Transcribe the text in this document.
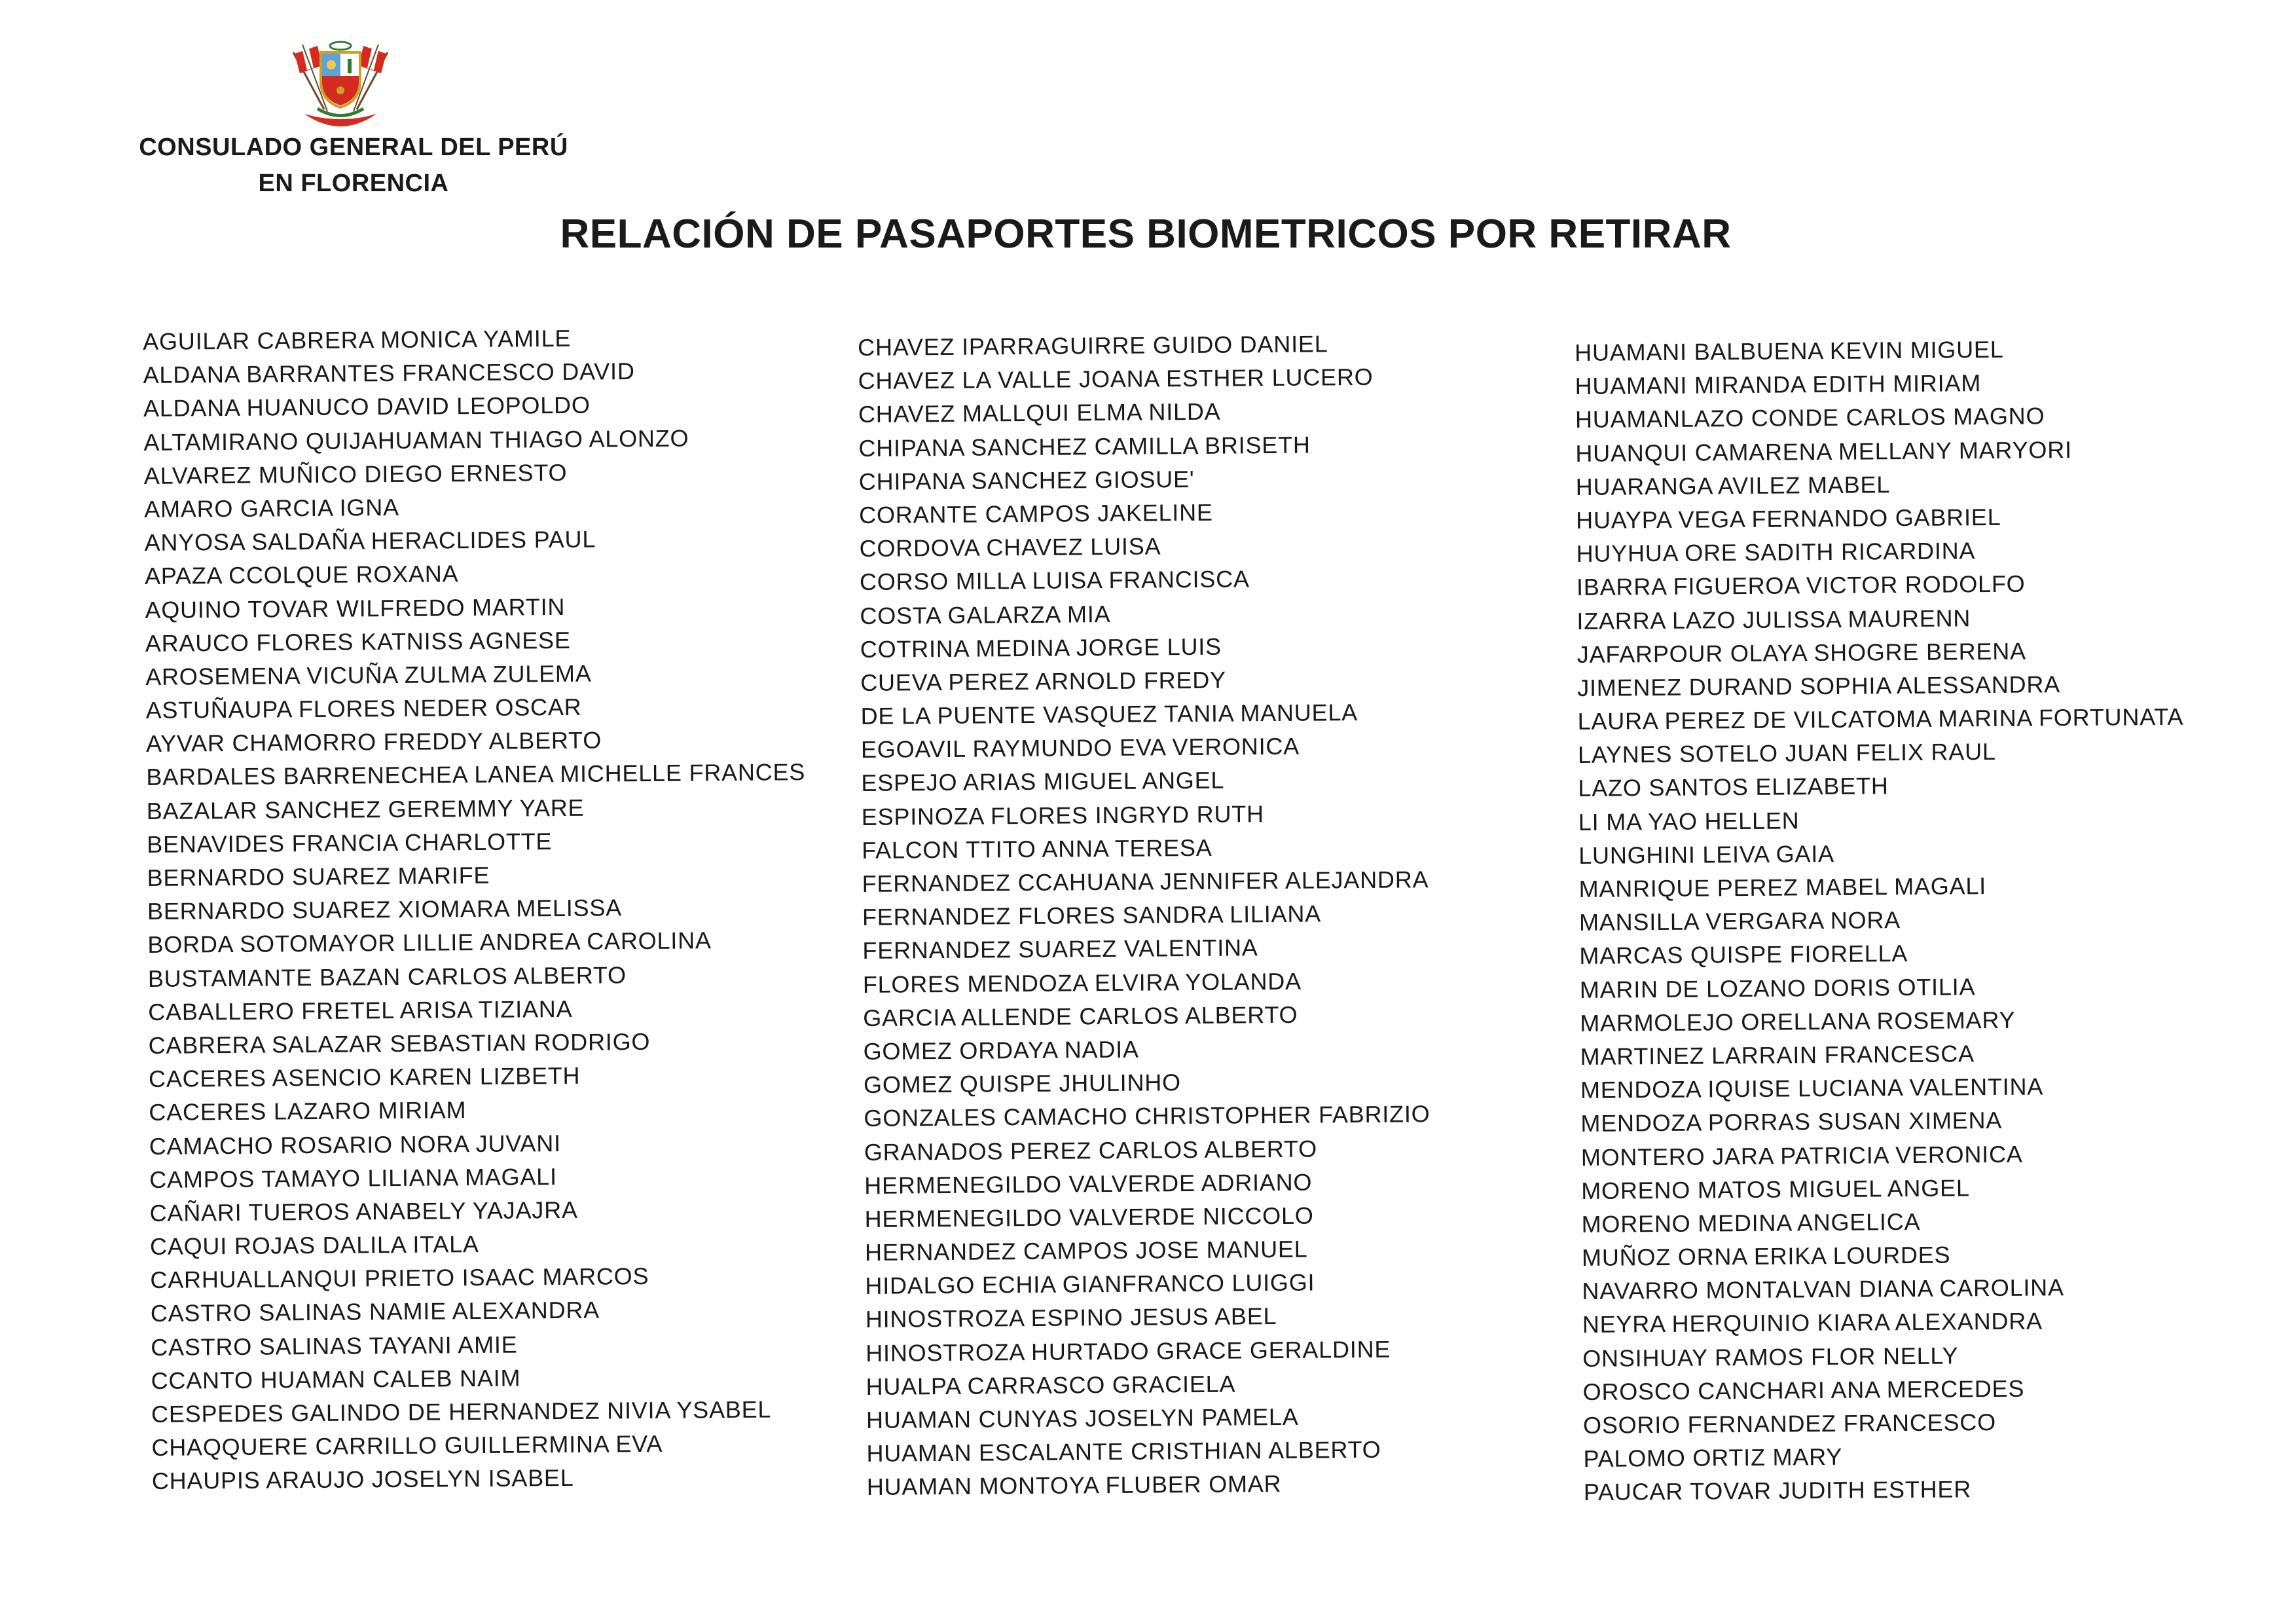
CONSULADO GENERAL DEL PERÚ
EN FLORENCIA
RELACIÓN DE PASAPORTES BIOMETRICOS POR RETIRAR
AGUILAR CABRERA MONICA YAMILE
ALDANA BARRANTES FRANCESCO DAVID
ALDANA HUANUCO DAVID LEOPOLDO
ALTAMIRANO QUIJAHUAMAN THIAGO ALONZO
ALVAREZ MUÑICO DIEGO ERNESTO
AMARO GARCIA IGNA
ANYOSA SALDAÑA HERACLIDES PAUL
APAZA CCOLQUE ROXANA
AQUINO TOVAR WILFREDO MARTIN
ARAUCO FLORES KATNISS AGNESE
AROSEMENA VICUÑA ZULMA ZULEMA
ASTUÑAUPA FLORES NEDER OSCAR
AYVAR CHAMORRO FREDDY ALBERTO
BARDALES BARRENECHEA LANEA MICHELLE FRANCES
BAZALAR SANCHEZ GEREMMY YARE
BENAVIDES FRANCIA CHARLOTTE
BERNARDO SUAREZ MARIFE
BERNARDO SUAREZ XIOMARA MELISSA
BORDA SOTOMAYOR LILLIE ANDREA CAROLINA
BUSTAMANTE BAZAN CARLOS ALBERTO
CABALLERO FRETEL ARISA TIZIANA
CABRERA SALAZAR SEBASTIAN RODRIGO
CACERES ASENCIO KAREN LIZBETH
CACERES LAZARO MIRIAM
CAMACHO ROSARIO NORA JUVANI
CAMPOS TAMAYO LILIANA MAGALI
CAÑARI TUEROS ANABELY YAJAJRA
CAQUI ROJAS DALILA ITALA
CARHUALLANQUI PRIETO ISAAC MARCOS
CASTRO SALINAS NAMIE ALEXANDRA
CASTRO SALINAS TAYANI AMIE
CCANTO HUAMAN CALEB NAIM
CESPEDES GALINDO DE HERNANDEZ NIVIA YSABEL
CHAQQUERE CARRILLO GUILLERMINA EVA
CHAUPIS ARAUJO JOSELYN ISABEL
CHAVEZ IPARRAGUIRRE GUIDO DANIEL
CHAVEZ LA VALLE JOANA ESTHER LUCERO
CHAVEZ MALLQUI ELMA NILDA
CHIPANA SANCHEZ CAMILLA BRISETH
CHIPANA SANCHEZ GIOSUE'
CORANTE CAMPOS JAKELINE
CORDOVA CHAVEZ LUISA
CORSO MILLA LUISA FRANCISCA
COSTA GALARZA MIA
COTRINA MEDINA JORGE LUIS
CUEVA PEREZ ARNOLD FREDY
DE LA PUENTE VASQUEZ TANIA MANUELA
EGOAVIL RAYMUNDO EVA VERONICA
ESPEJO ARIAS MIGUEL ANGEL
ESPINOZA FLORES INGRYD RUTH
FALCON TTITO ANNA TERESA
FERNANDEZ CCAHUANA JENNIFER ALEJANDRA
FERNANDEZ FLORES SANDRA LILIANA
FERNANDEZ SUAREZ VALENTINA
FLORES MENDOZA ELVIRA YOLANDA
GARCIA ALLENDE CARLOS ALBERTO
GOMEZ ORDAYA NADIA
GOMEZ QUISPE JHULINHO
GONZALES CAMACHO CHRISTOPHER FABRIZIO
GRANADOS PEREZ CARLOS ALBERTO
HERMENEGILDO VALVERDE ADRIANO
HERMENEGILDO VALVERDE NICCOLO
HERNANDEZ CAMPOS JOSE MANUEL
HIDALGO ECHIA GIANFRANCO LUIGGI
HINOSTROZA ESPINO JESUS ABEL
HINOSTROZA HURTADO GRACE GERALDINE
HUALPA CARRASCO GRACIELA
HUAMAN CUNYAS JOSELYN PAMELA
HUAMAN ESCALANTE CRISTHIAN ALBERTO
HUAMAN MONTOYA FLUBER OMAR
HUAMANI BALBUENA KEVIN MIGUEL
HUAMANI MIRANDA EDITH MIRIAM
HUAMANLAZO CONDE CARLOS MAGNO
HUANQUI CAMARENA MELLANY MARYORI
HUARANGA AVILEZ MABEL
HUAYPA VEGA FERNANDO GABRIEL
HUYHUA ORE SADITH RICARDINA
IBARRA FIGUEROA VICTOR RODOLFO
IZARRA LAZO JULISSA MAURENN
JAFARPOUR OLAYA SHOGRE BERENA
JIMENEZ DURAND SOPHIA ALESSANDRA
LAURA PEREZ DE VILCATOMA MARINA FORTUNATA
LAYNES SOTELO JUAN FELIX RAUL
LAZO SANTOS ELIZABETH
LI MA YAO HELLEN
LUNGHINI LEIVA GAIA
MANRIQUE PEREZ MABEL MAGALI
MANSILLA VERGARA NORA
MARCAS QUISPE FIORELLA
MARIN DE LOZANO DORIS OTILIA
MARMOLEJO ORELLANA ROSEMARY
MARTINEZ LARRAIN FRANCESCA
MENDOZA IQUISE LUCIANA VALENTINA
MENDOZA PORRAS SUSAN XIMENA
MONTERO JARA PATRICIA VERONICA
MORENO MATOS MIGUEL ANGEL
MORENO MEDINA ANGELICA
MUÑOZ ORNA ERIKA LOURDES
NAVARRO MONTALVAN DIANA CAROLINA
NEYRA HERQUINIO KIARA ALEXANDRA
ONSIHUAY RAMOS FLOR NELLY
OROSCO CANCHARI ANA MERCEDES
OSORIO FERNANDEZ FRANCESCO
PALOMO ORTIZ MARY
PAUCAR TOVAR JUDITH ESTHER
